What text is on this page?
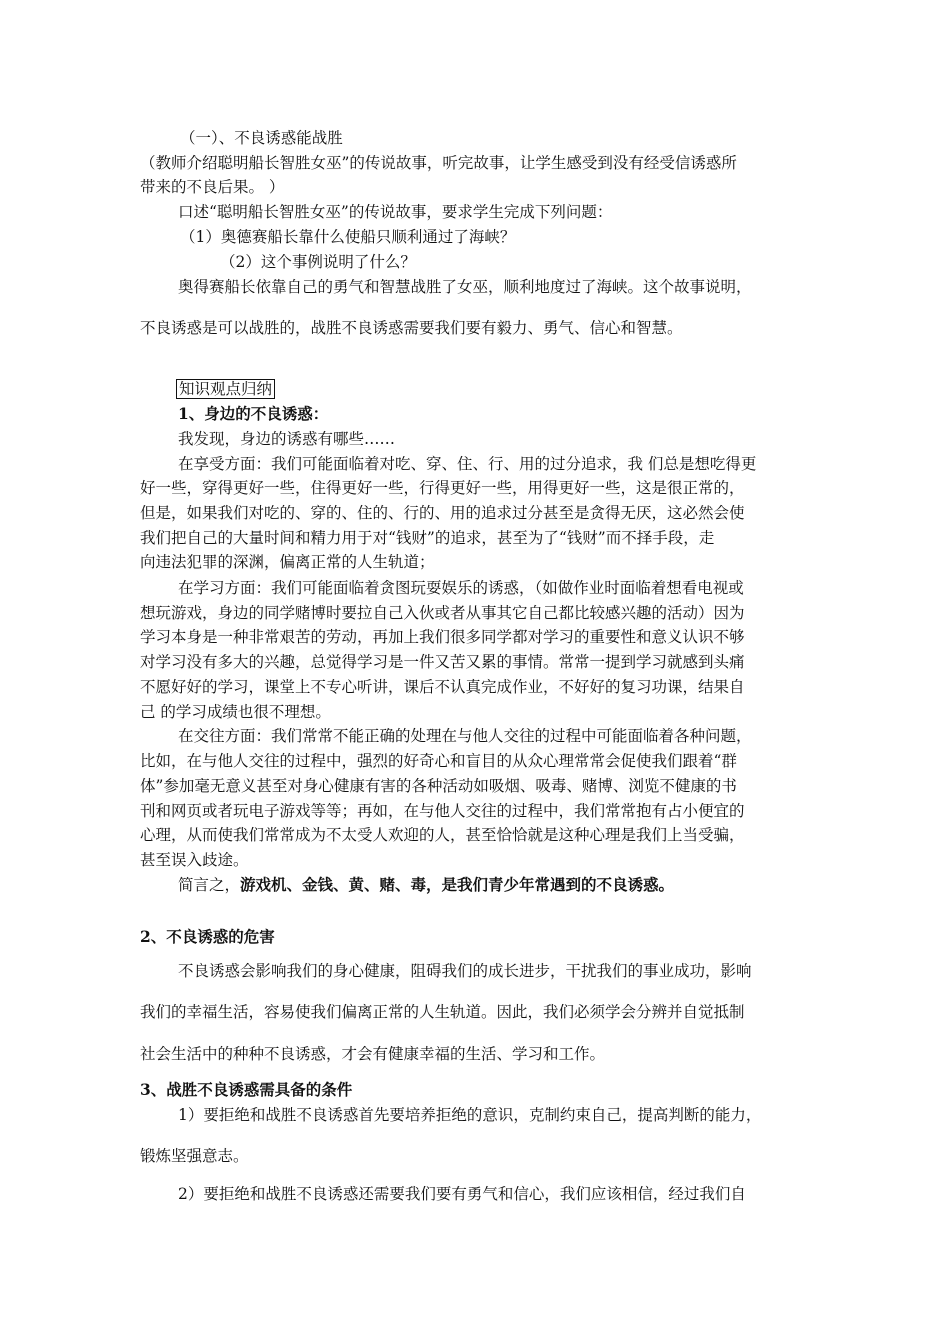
（一）、不良诱惑能战胜
（教师介绍聪明船长智胜女巫”的传说故事，听完故事，让学生感受到没有经受信诱惑所
带来的不良后果。 ）
口述“聪明船长智胜女巫”的传说故事，要求学生完成下列问题：
（1）奥德赛船长靠什么使船只顺利通过了海峡？
（2）这个事例说明了什么？
奥得赛船长依靠自己的勇气和智慧战胜了女巫，顺利地度过了海峡。这个故事说明，
不良诱惑是可以战胜的，战胜不良诱惑需要我们要有毅力、勇气、信心和智慧。
知识观点归纳
1、身边的不良诱惑：
我发现，身边的诱惑有哪些……
在享受方面：我们可能面临着对吃、穿、住、行、用的过分追求，我 们总是想吃得更
好一些，穿得更好一些，住得更好一些，行得更好一些，用得更好一些，这是很正常的，
但是，如果我们对吃的、穿的、住的、行的、用的追求过分甚至是贪得无厌，这必然会使
我们把自己的大量时间和精力用于对“钱财”的追求，甚至为了“钱财”而不择手段，走
向违法犯罪的深渊，偏离正常的人生轨道；
在学习方面：我们可能面临着贪图玩耍娱乐的诱惑，（如做作业时面临着想看电视或
想玩游戏，身边的同学赌博时要拉自己入伙或者从事其它自己都比较感兴趣的活动）因为
学习本身是一种非常艰苦的劳动，再加上我们很多同学都对学习的重要性和意义认识不够
对学习没有多大的兴趣，总觉得学习是一件又苦又累的事情。常常一提到学习就感到头痛
不愿好好的学习，课堂上不专心听讲，课后不认真完成作业，不好好的复习功课，结果自
己 的学习成绩也很不理想。
在交往方面：我们常常不能正确的处理在与他人交往的过程中可能面临着各种问题，
比如，在与他人交往的过程中，强烈的好奇心和盲目的从众心理常常会促使我们跟着“群
体”参加毫无意义甚至对身心健康有害的各种活动如吸烟、吸毒、赌博、浏览不健康的书
刊和网页或者玩电子游戏等等；再如，在与他人交往的过程中，我们常常抱有占小便宜的
心理，从而使我们常常成为不太受人欢迎的人，甚至恰恰就是这种心理是我们上当受骗，
甚至误入歧途。
简言之，游戏机、金钱、黄、赌、毒，是我们青少年常遇到的不良诱惑。
2、不良诱惑的危害
不良诱惑会影响我们的身心健康，阻碍我们的成长进步，干扰我们的事业成功，影响
我们的幸福生活，容易使我们偏离正常的人生轨道。因此，我们必须学会分辨并自觉抵制
社会生活中的种种不良诱惑，才会有健康幸福的生活、学习和工作。
3、战胜不良诱惑需具备的条件
1）要拒绝和战胜不良诱惑首先要培养拒绝的意识，克制约束自己，提高判断的能力，
锻炼坚强意志。
2）要拒绝和战胜不良诱惑还需要我们要有勇气和信心，我们应该相信，经过我们自
